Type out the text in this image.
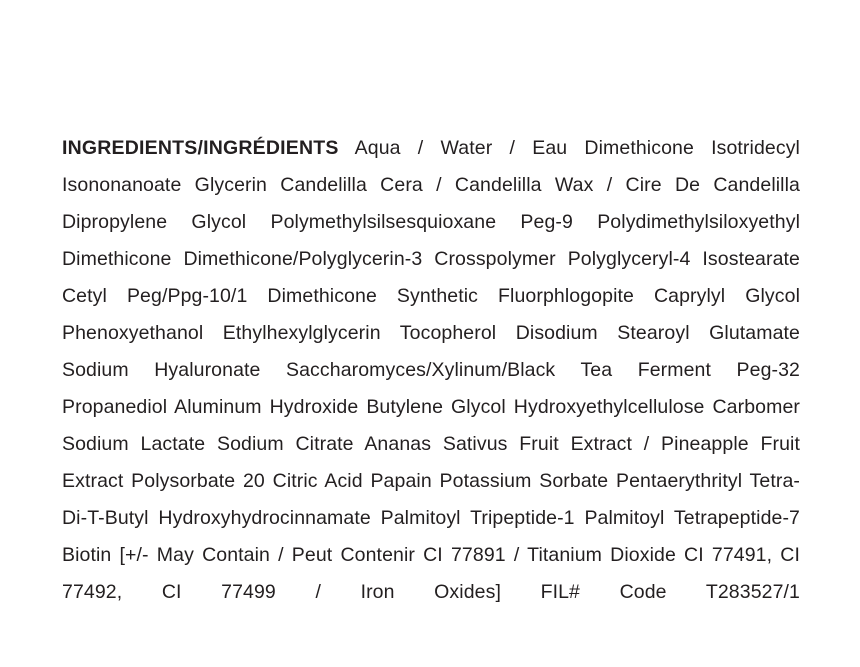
INGREDIENTS/INGRÉDIENTS Aqua / Water / Eau Dimethicone Isotridecyl Isononanoate Glycerin Candelilla Cera / Candelilla Wax / Cire De Candelilla Dipropylene Glycol Polymethylsilsesquioxane Peg-9 Polydimethylsiloxyethyl Dimethicone Dimethicone/Polyglycerin-3 Crosspolymer Polyglyceryl-4 Isostearate Cetyl Peg/Ppg-10/1 Dimethicone Synthetic Fluorphlogopite Caprylyl Glycol Phenoxyethanol Ethylhexylglycerin Tocopherol Disodium Stearoyl Glutamate Sodium Hyaluronate Saccharomyces/Xylinum/Black Tea Ferment Peg-32 Propanediol Aluminum Hydroxide Butylene Glycol Hydroxyethylcellulose Carbomer Sodium Lactate Sodium Citrate Ananas Sativus Fruit Extract / Pineapple Fruit Extract Polysorbate 20 Citric Acid Papain Potassium Sorbate Pentaerythrityl Tetra-Di-T-Butyl Hydroxyhydrocinnamate Palmitoyl Tripeptide-1 Palmitoyl Tetrapeptide-7 Biotin [+/- May Contain / Peut Contenir CI 77891 / Titanium Dioxide CI 77491, CI 77492, CI 77499 / Iron Oxides] FIL# Code T283527/1
